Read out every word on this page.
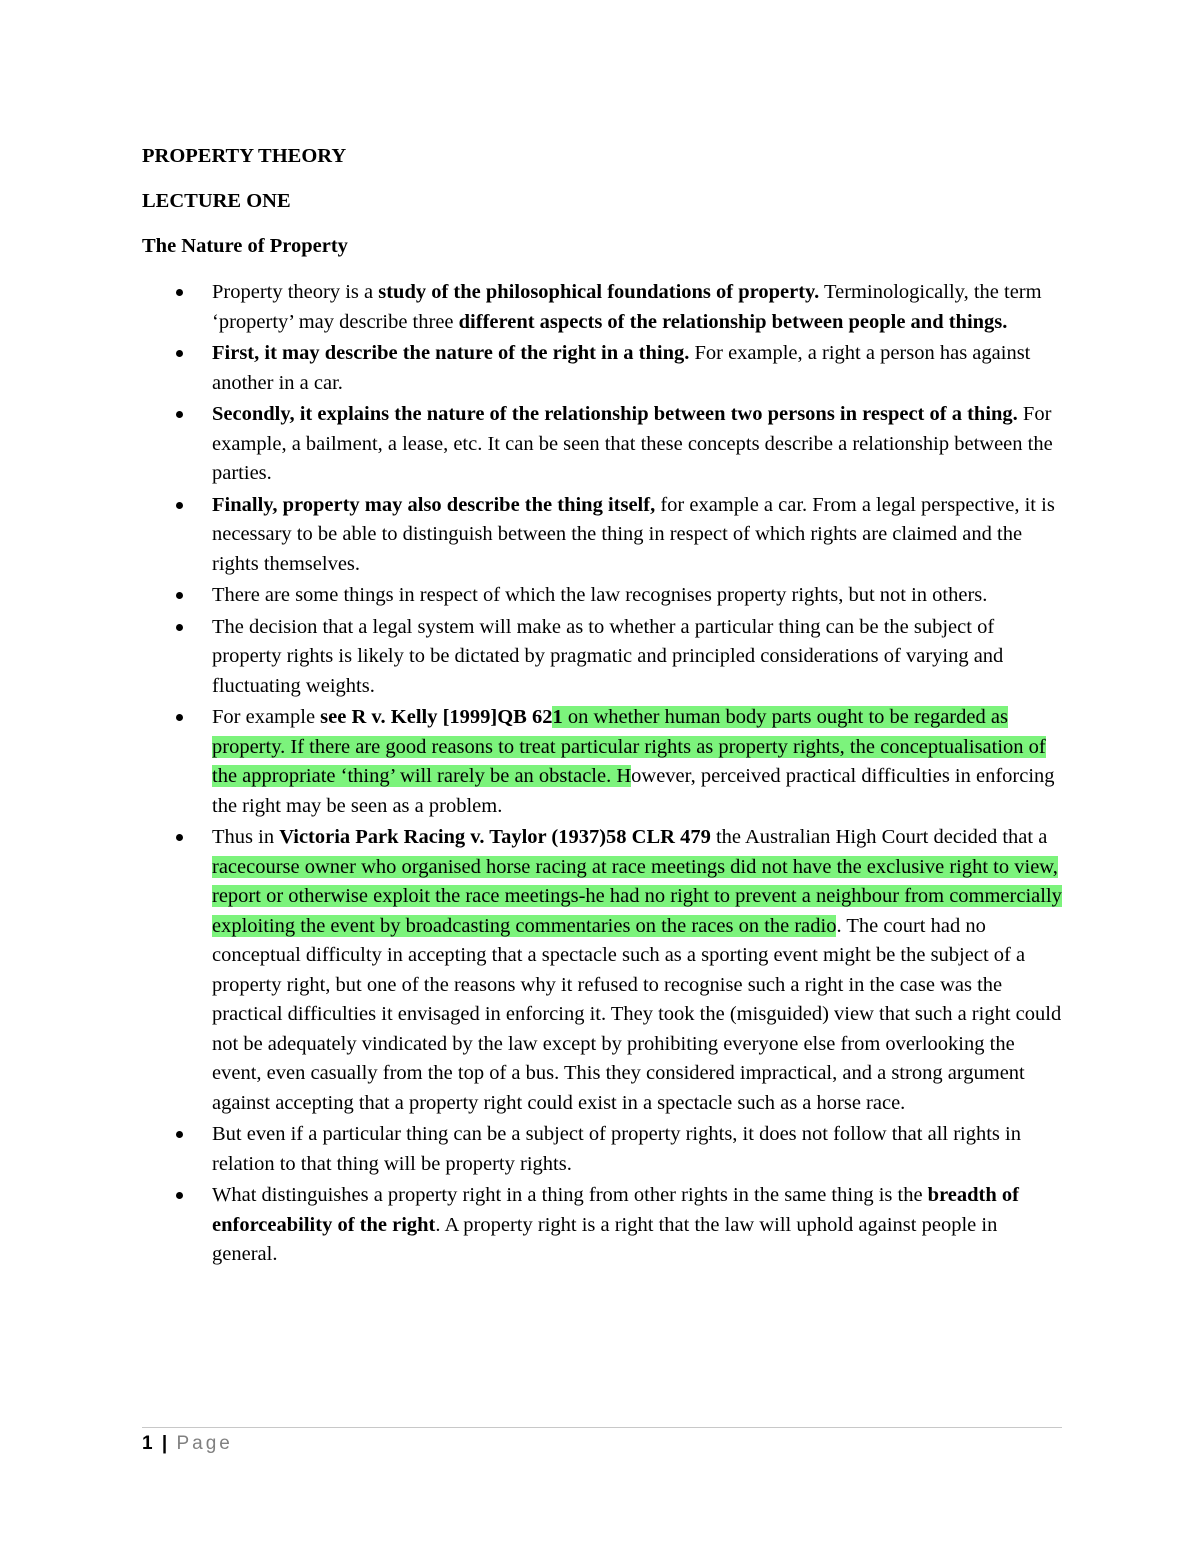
PROPERTY THEORY

LECTURE ONE

The Nature of Property

Property theory is a study of the philosophical foundations of property. Terminologically, the term ‘property’ may describe three different aspects of the relationship between people and things.
First, it may describe the nature of the right in a thing. For example, a right a person has against another in a car.
Secondly, it explains the nature of the relationship between two persons in respect of a thing. For example, a bailment, a lease, etc. It can be seen that these concepts describe a relationship between the parties.
Finally, property may also describe the thing itself, for example a car. From a legal perspective, it is necessary to be able to distinguish between the thing in respect of which rights are claimed and the rights themselves.
There are some things in respect of which the law recognises property rights, but not in others.
The decision that a legal system will make as to whether a particular thing can be the subject of property rights is likely to be dictated by pragmatic and principled considerations of varying and fluctuating weights.
For example see R v. Kelly [1999]QB 621 on whether human body parts ought to be regarded as property. If there are good reasons to treat particular rights as property rights, the conceptualisation of the appropriate ‘thing’ will rarely be an obstacle. However, perceived practical difficulties in enforcing the right may be seen as a problem.
Thus in Victoria Park Racing v. Taylor (1937)58 CLR 479 the Australian High Court decided that a racecourse owner who organised horse racing at race meetings did not have the exclusive right to view, report or otherwise exploit the race meetings-he had no right to prevent a neighbour from commercially exploiting the event by broadcasting commentaries on the races on the radio. The court had no conceptual difficulty in accepting that a spectacle such as a sporting event might be the subject of a property right, but one of the reasons why it refused to recognise such a right in the case was the practical difficulties it envisaged in enforcing it. They took the (misguided) view that such a right could not be adequately vindicated by the law except by prohibiting everyone else from overlooking the event, even casually from the top of a bus. This they considered impractical, and a strong argument against accepting that a property right could exist in a spectacle such as a horse race.
But even if a particular thing can be a subject of property rights, it does not follow that all rights in relation to that thing will be property rights.
What distinguishes a property right in a thing from other rights in the same thing is the breadth of enforceability of the right. A property right is a right that the law will uphold against people in general.
1 | Page
